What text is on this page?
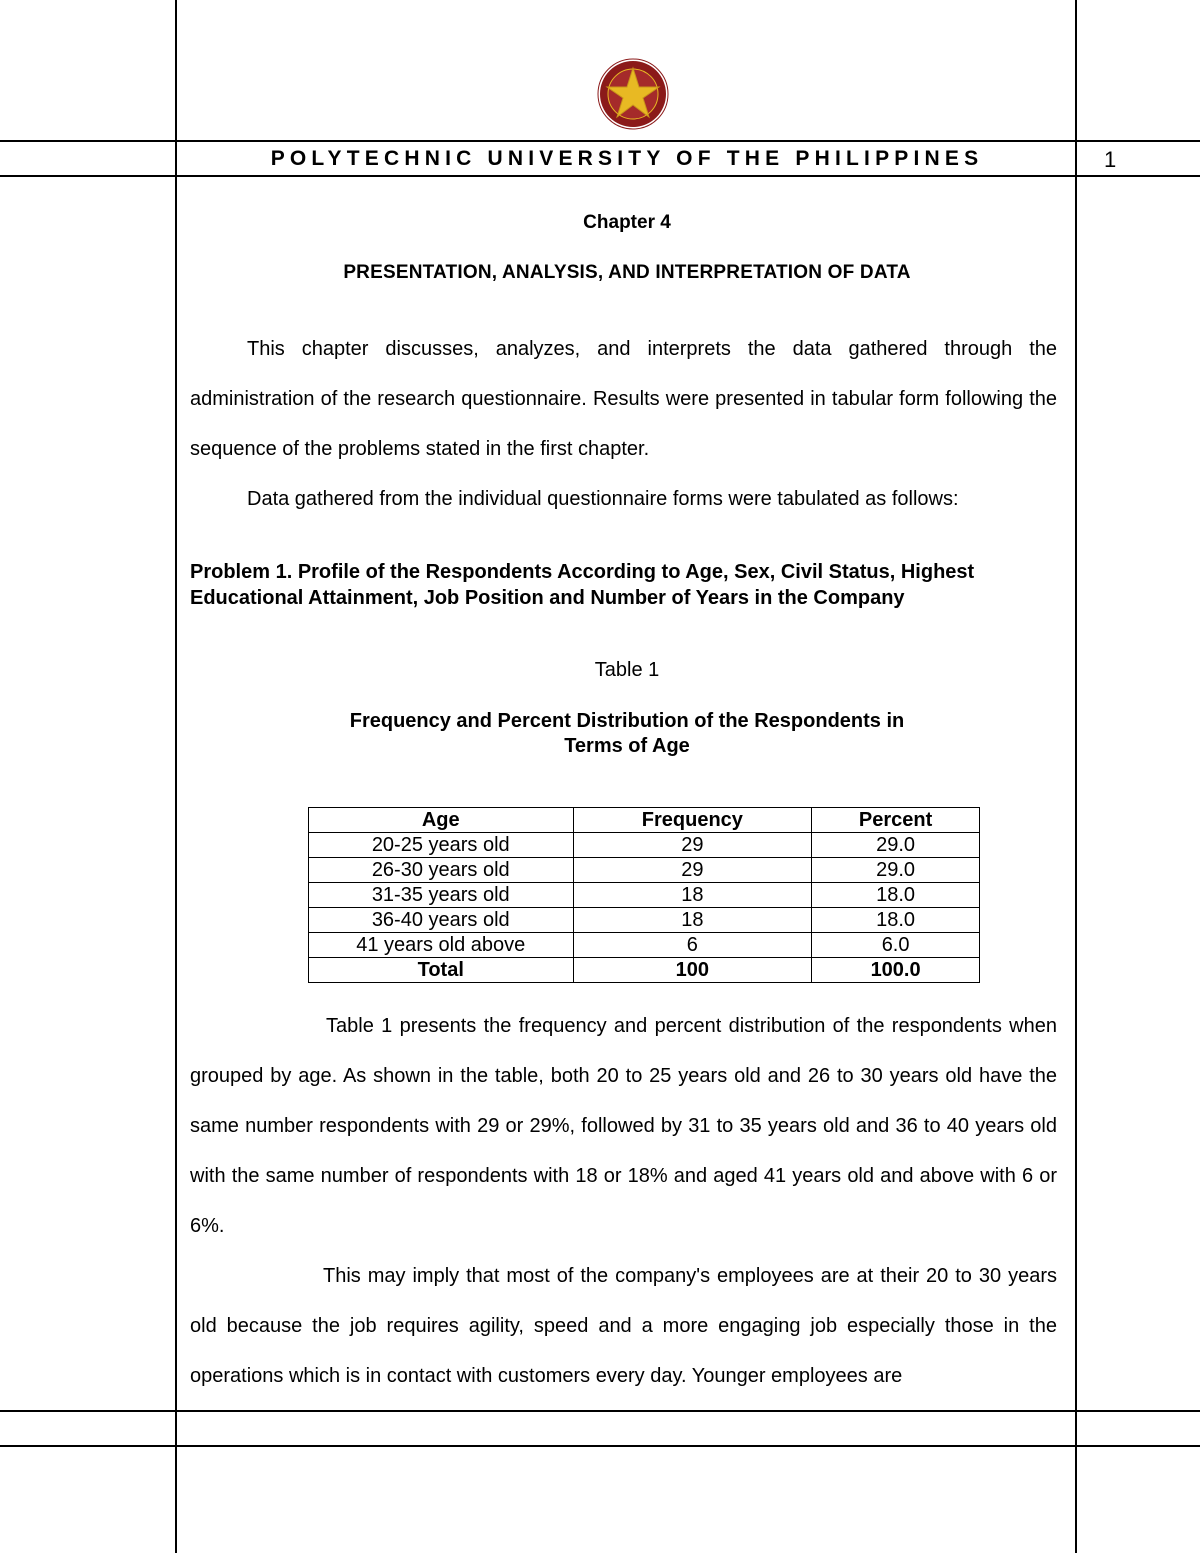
POLYTECHNIC UNIVERSITY OF THE PHILIPPINES	1
Chapter 4
PRESENTATION, ANALYSIS, AND INTERPRETATION OF DATA

This chapter discusses, analyzes, and interprets the data gathered through the administration of the research questionnaire. Results were presented in tabular form following the sequence of the problems stated in the first chapter.

Data gathered from the individual questionnaire forms were tabulated as follows:

Problem 1. Profile of the Respondents According to Age, Sex, Civil Status, Highest
Educational Attainment, Job Position and Number of Years in the Company
Table 1
Frequency and Percent Distribution of the Respondents in
Terms of Age
Age	Frequency	Percent
20-25 years old	29	29.0
26-30 years old	29	29.0
31-35 years old	18	18.0
36-40 years old	18	18.0
41 years old above	6	6.0
Total	100	100.0

Table 1 presents the frequency and percent distribution of the respondents when grouped by age. As shown in the table, both 20 to 25 years old and 26 to 30 years old have the same number respondents with 29 or 29%, followed by 31 to 35 years old and 36 to 40 years old with the same number of respondents with 18 or 18% and aged 41 years old and above with 6 or 6%.

This may imply that most of the company's employees are at their 20 to 30 years old because the job requires agility, speed and a more engaging job especially those in the operations which is in contact with customers every day. Younger employees are
